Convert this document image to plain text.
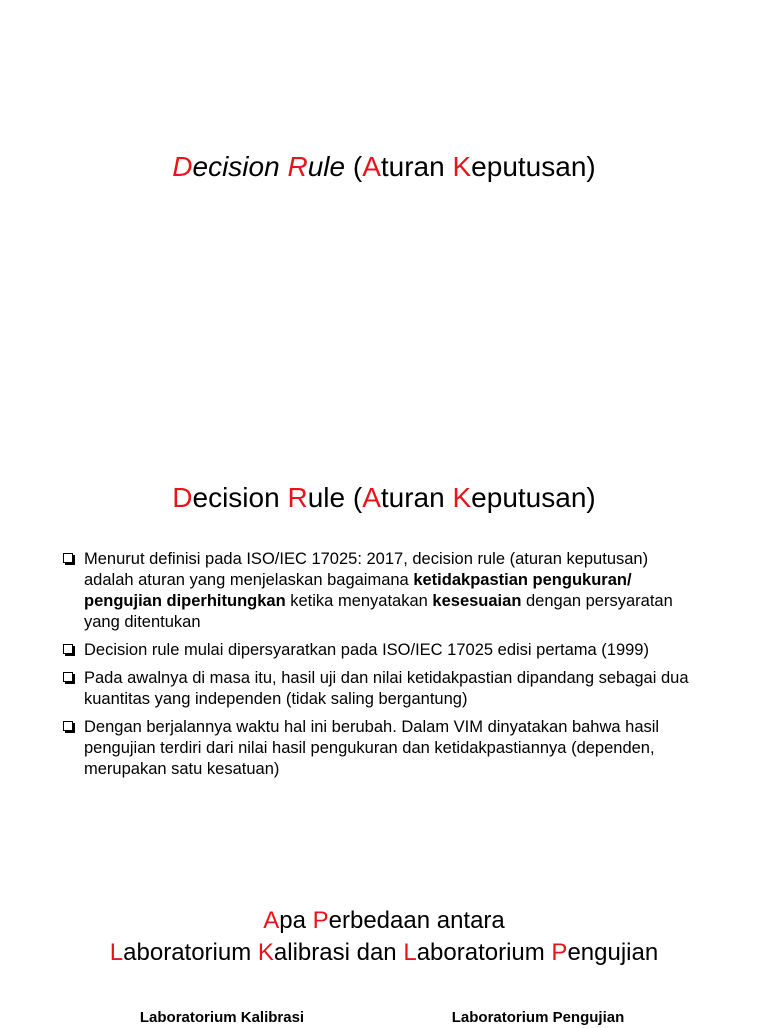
Decision Rule (Aturan Keputusan)
Decision Rule (Aturan Keputusan)
Menurut definisi pada ISO/IEC 17025: 2017, decision rule (aturan keputusan) adalah aturan yang menjelaskan bagaimana ketidakpastian pengukuran/ pengujian diperhitungkan ketika menyatakan kesesuaian dengan persyaratan yang ditentukan
Decision rule mulai dipersyaratkan pada ISO/IEC 17025 edisi pertama (1999)
Pada awalnya di masa itu, hasil uji dan nilai ketidakpastian dipandang sebagai dua kuantitas yang independen (tidak saling bergantung)
Dengan berjalannya waktu hal ini berubah. Dalam VIM dinyatakan bahwa hasil pengujian terdiri dari nilai hasil pengukuran dan ketidakpastiannya (dependen, merupakan satu kesatuan)
Apa Perbedaan antara
Laboratorium Kalibrasi dan Laboratorium Pengujian
Laboratorium Kalibrasi	Laboratorium Pengujian
